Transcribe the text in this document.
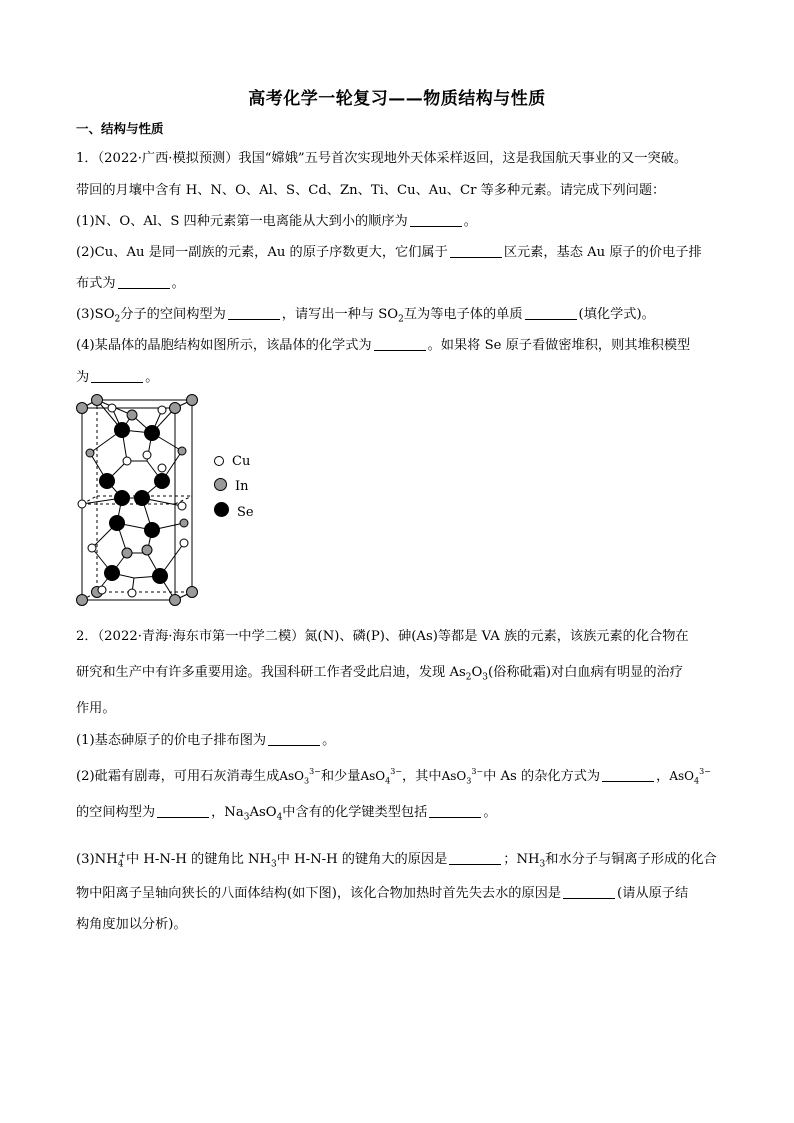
高考化学一轮复习——物质结构与性质
一、结构与性质
1．（2022·广西·模拟预测）我国“嫦娥”五号首次实现地外天体采样返回，这是我国航天事业的又一突破。
带回的月壤中含有 H、N、O、Al、S、Cd、Zn、Ti、Cu、Au、Cr 等多种元素。请完成下列问题：
(1)N、O、Al、S 四种元素第一电离能从大到小的顺序为	。
(2)Cu、Au 是同一副族的元素，Au 的原子序数更大，它们属于	区元素，基态 Au 原子的价电子排
布式为	。
$(3)SO_2$分子的空间构型为	，请写出一种与 $SO_2$互为等电子体的单质	(填化学式)。
(4)某晶体的晶胞结构如图所示，该晶体的化学式为	。如果将 Se 原子看做密堆积，则其堆积模型
为	。
Cu
In
Se
2．（2022·青海·海东市第一中学二模）氮(N)、磷(P)、砷(As)等都是 VA 族的元素，该族元素的化合物在
研究和生产中有许多重要用途。我国科研工作者受此启迪，发现 $As_2O_3$(俗称砒霜)对白血病有明显的治疗
作用。
(1)基态砷原子的价电子排布图为	。
(2)砒霜有剧毒，可用石灰消毒生成AsO$_3^{3-}$和少量AsO$_4^{3-}$，其中AsO$_3^{3-}$中 As 的杂化方式为	，AsO$_4^{3-}$
的空间构型为	，$Na_3AsO_4$中含有的化学键类型包括	。
$(3)NH_4^+$中 H-N-H 的键角比 $NH_3$中 H-N-H 的键角大的原因是	；$NH_3$和水分子与铜离子形成的化合
物中阳离子呈轴向狭长的八面体结构(如下图)，该化合物加热时首先失去水的原因是	(请从原子结
构角度加以分析)。
